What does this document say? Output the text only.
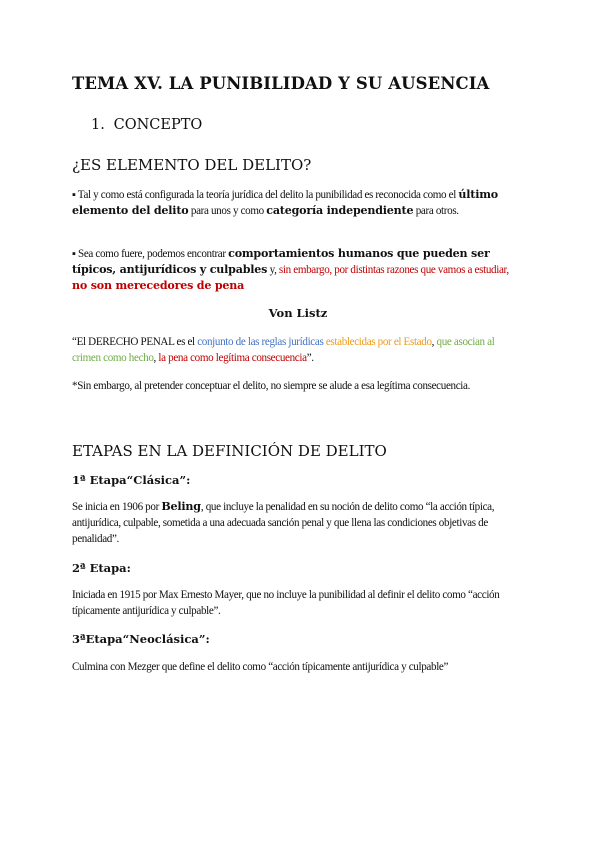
TEMA XV. LA PUNIBILIDAD Y SU AUSENCIA
1. CONCEPTO
¿ES ELEMENTO DEL DELITO?

▪ Tal y como está configurada la teoría jurídica del delito la punibilidad es reconocida como el último elemento del delito para unos y como categoría independiente para otros.

▪ Sea como fuere, podemos encontrar comportamientos humanos que pueden ser típicos, antijurídicos y culpables y, sin embargo, por distintas razones que vamos a estudiar, no son merecedores de pena

Von Listz

“El DERECHO PENAL es el conjunto de las reglas jurídicas establecidas por el Estado, que asocian al crimen como hecho, la pena como legítima consecuencia”.

*Sin embargo, al pretender conceptuar el delito, no siempre se alude a esa legítima consecuencia.

ETAPAS EN LA DEFINICIÓN DE DELITO
1ª Etapa“Clásica”:

Se inicia en 1906 por Beling, que incluye la penalidad en su noción de delito como “la acción típica, antijurídica, culpable, sometida a una adecuada sanción penal y que llena las condiciones objetivas de penalidad”.

2ª Etapa:

Iniciada en 1915 por Max Ernesto Mayer, que no incluye la punibilidad al definir el delito como “acción típicamente antijurídica y culpable”.

3ªEtapa“Neoclásica”:

Culmina con Mezger que define el delito como “acción típicamente antijurídica y culpable”
